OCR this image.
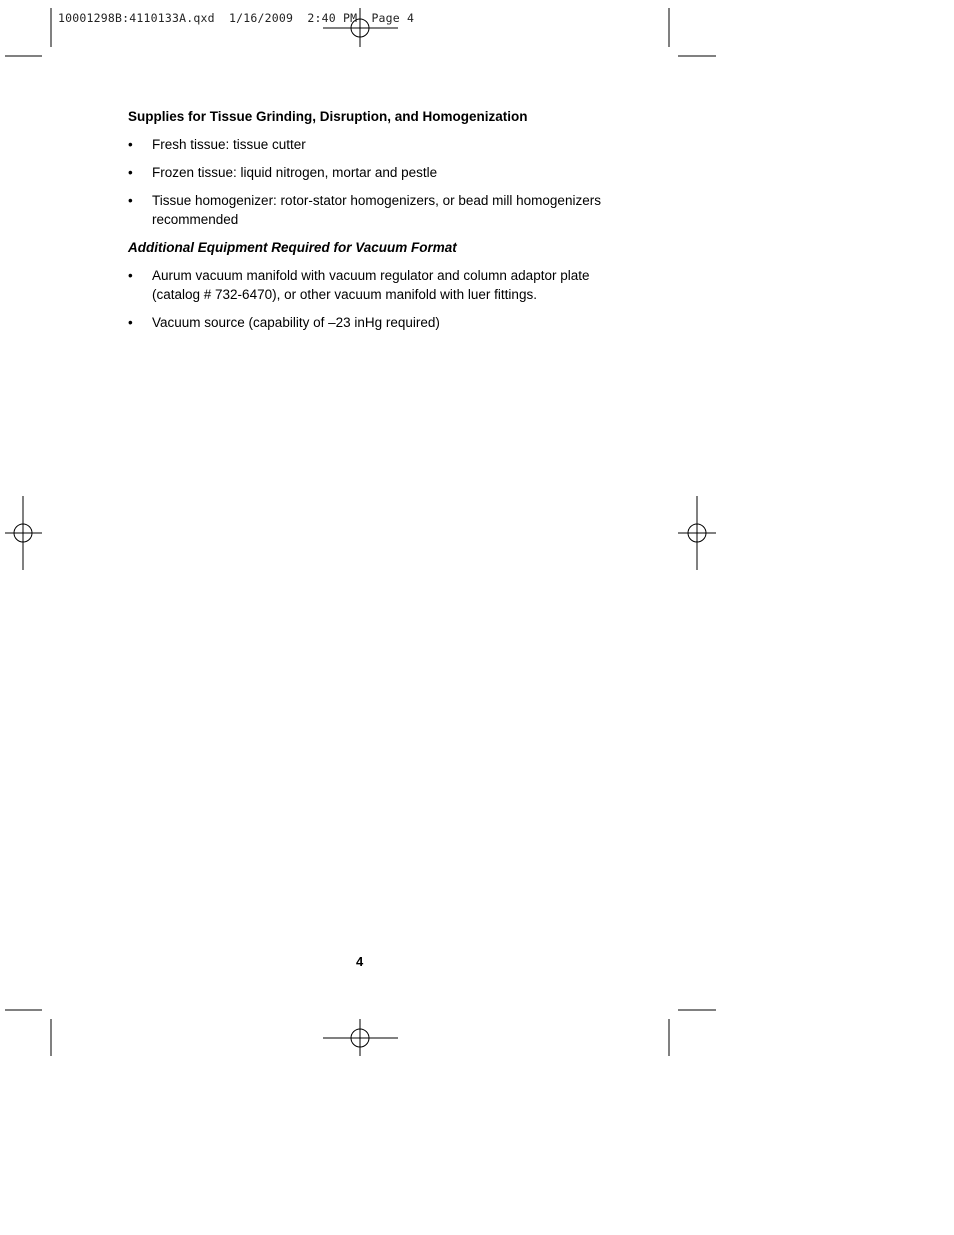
10001298B:4110133A.qxd  1/16/2009  2:40 PM  Page 4
Supplies for Tissue Grinding, Disruption, and Homogenization
• Fresh tissue: tissue cutter
• Frozen tissue: liquid nitrogen, mortar and pestle
• Tissue homogenizer: rotor-stator homogenizers, or bead mill homogenizers recommended
Additional Equipment Required for Vacuum Format
• Aurum vacuum manifold with vacuum regulator and column adaptor plate (catalog # 732-6470), or other vacuum manifold with luer fittings.
• Vacuum source (capability of –23 inHg required)
4
